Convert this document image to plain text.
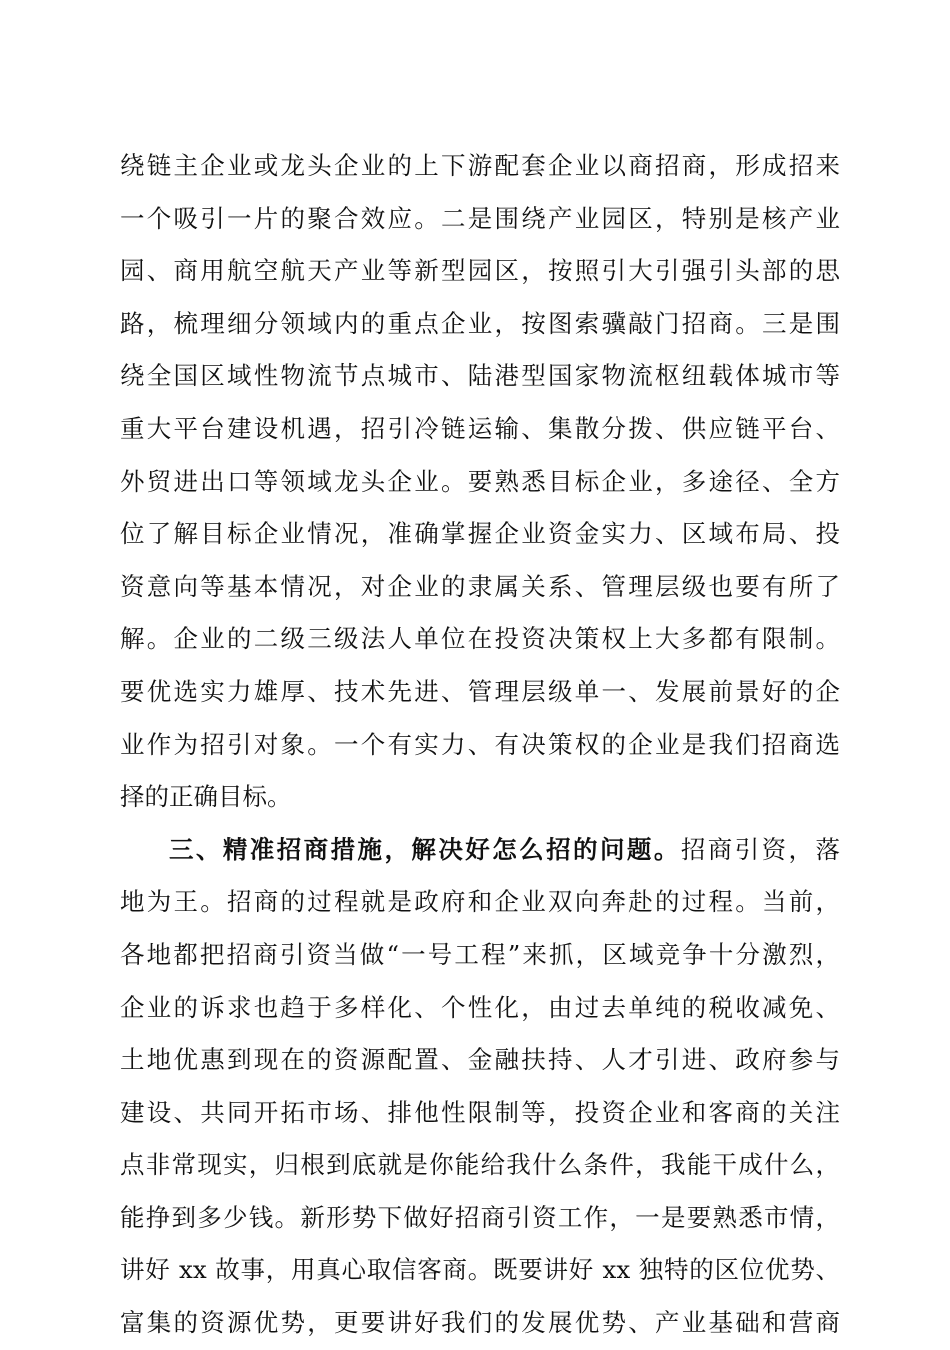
绕链主企业或龙头企业的上下游配套企业以商招商，形成招来
一个吸引一片的聚合效应。二是围绕产业园区，特别是核产业
园、商用航空航天产业等新型园区，按照引大引强引头部的思
路，梳理细分领域内的重点企业，按图索骥敲门招商。三是围
绕全国区域性物流节点城市、陆港型国家物流枢纽载体城市等
重大平台建设机遇，招引冷链运输、集散分拨、供应链平台、
外贸进出口等领域龙头企业。要熟悉目标企业，多途径、全方
位了解目标企业情况，准确掌握企业资金实力、区域布局、投
资意向等基本情况，对企业的隶属关系、管理层级也要有所了
解。企业的二级三级法人单位在投资决策权上大多都有限制。
要优选实力雄厚、技术先进、管理层级单一、发展前景好的企
业作为招引对象。一个有实力、有决策权的企业是我们招商选
择的正确目标。
三、精准招商措施，解决好怎么招的问题。招商引资，落
地为王。招商的过程就是政府和企业双向奔赴的过程。当前，
各地都把招商引资当做“一号工程”来抓，区域竞争十分激烈，
企业的诉求也趋于多样化、个性化，由过去单纯的税收减免、
土地优惠到现在的资源配置、金融扶持、人才引进、政府参与
建设、共同开拓市场、排他性限制等，投资企业和客商的关注
点非常现实，归根到底就是你能给我什么条件，我能干成什么，
能挣到多少钱。新形势下做好招商引资工作，一是要熟悉市情，
讲好 xx 故事，用真心取信客商。既要讲好 xx 独特的区位优势、
富集的资源优势，更要讲好我们的发展优势、产业基础和营商
